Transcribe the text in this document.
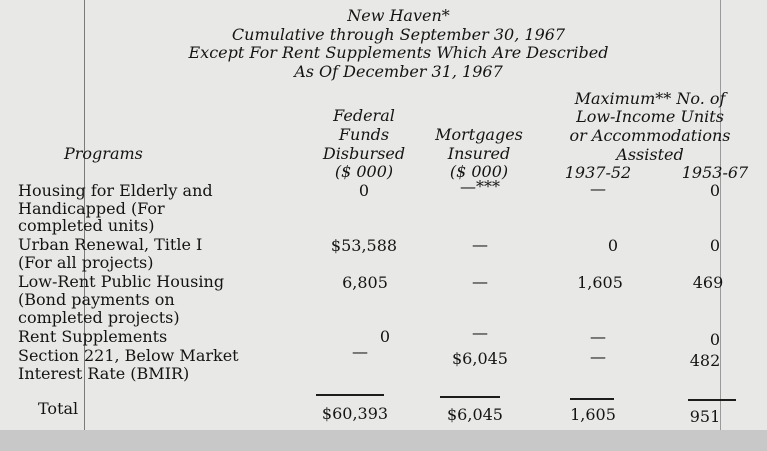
New Haven*
Cumulative through September 30, 1967
Except For Rent Supplements Which Are Described
As Of December 31, 1967
Federal
Funds
Disbursed
($ 000)
Mortgages
Insured
($ 000)
Maximum** No. of
Low-Income Units
or Accommodations
Assisted
Programs
1937-52	1953-67
Housing for Elderly and
Handicapped (For
completed units)
0	—***	—	0
Urban Renewal, Title I
(For all projects)
$53,588	—	0	0
Low-Rent Public Housing
(Bond payments on
completed projects)
6,805	—	1,605	469
Rent Supplements	0	—	—	0
Section 221, Below Market
Interest Rate (BMIR)
—	$6,045	—	482
Total	$60,393	$6,045	1,605	951
